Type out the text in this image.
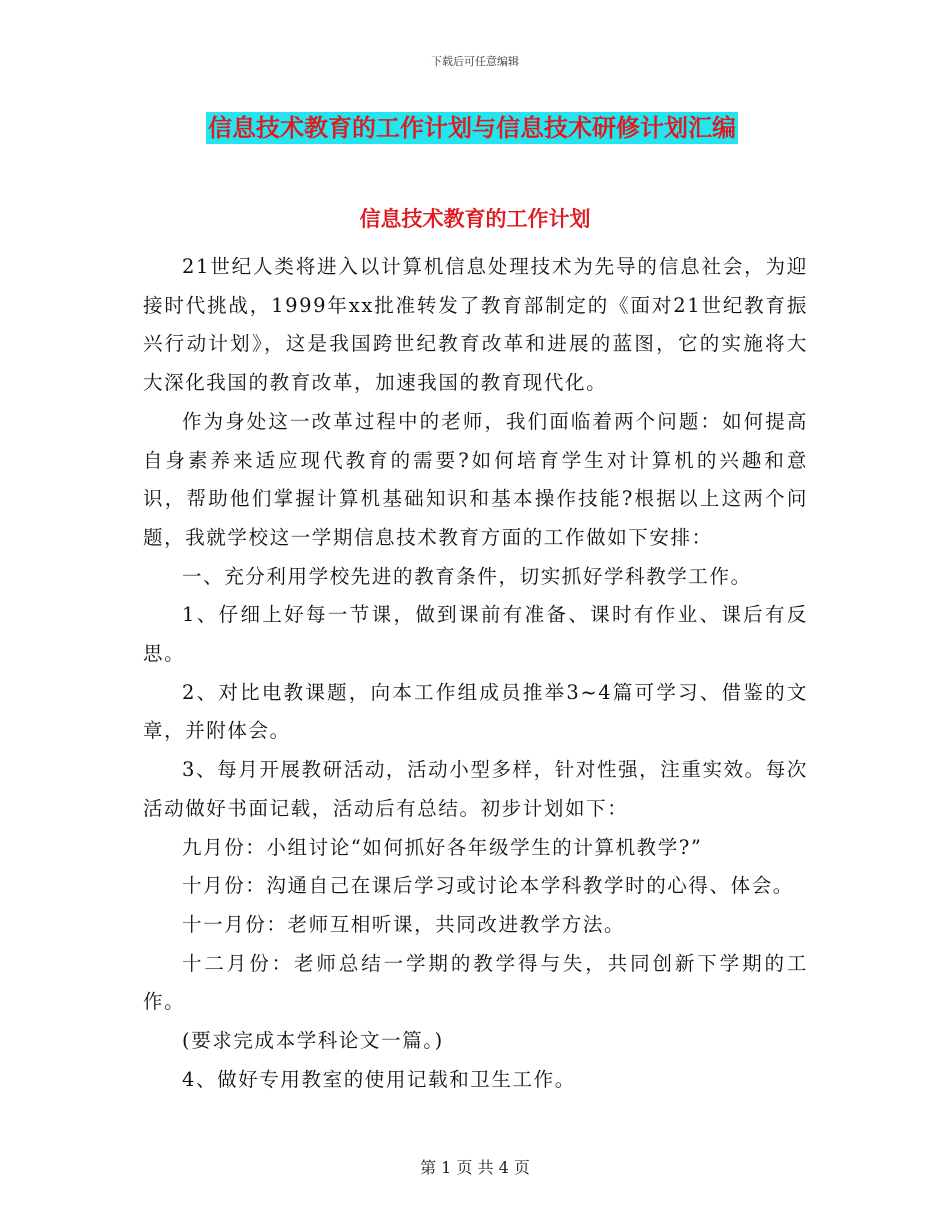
下载后可任意编辑
信息技术教育的工作计划与信息技术研修计划汇编
信息技术教育的工作计划

21世纪人类将进入以计算机信息处理技术为先导的信息社会，为迎接时代挑战，1999年xx批准转发了教育部制定的《面对21世纪教育振兴行动计划》，这是我国跨世纪教育改革和进展的蓝图，它的实施将大大深化我国的教育改革，加速我国的教育现代化。

作为身处这一改革过程中的老师，我们面临着两个问题：如何提高自身素养来适应现代教育的需要?如何培育学生对计算机的兴趣和意识，帮助他们掌握计算机基础知识和基本操作技能?根据以上这两个问题，我就学校这一学期信息技术教育方面的工作做如下安排：

一、充分利用学校先进的教育条件，切实抓好学科教学工作。

1、仔细上好每一节课，做到课前有准备、课时有作业、课后有反思。

2、对比电教课题，向本工作组成员推举3~4篇可学习、借鉴的文章，并附体会。

3、每月开展教研活动，活动小型多样，针对性强，注重实效。每次活动做好书面记载，活动后有总结。初步计划如下：

九月份：小组讨论“如何抓好各年级学生的计算机教学?”

十月份：沟通自己在课后学习或讨论本学科教学时的心得、体会。

十一月份：老师互相听课，共同改进教学方法。

十二月份：老师总结一学期的教学得与失，共同创新下学期的工作。

(要求完成本学科论文一篇。)

4、做好专用教室的使用记载和卫生工作。

第 1 页 共 4 页
